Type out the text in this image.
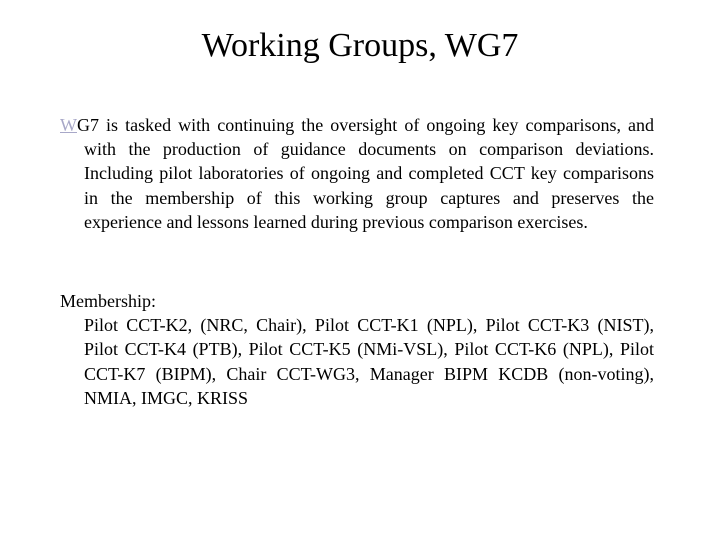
Working Groups, WG7
WG7 is tasked with continuing the oversight of ongoing key comparisons, and with the production of guidance documents on comparison deviations. Including pilot laboratories of ongoing and completed CCT key comparisons in the membership of this working group captures and preserves the experience and lessons learned during previous comparison exercises.
Membership:
Pilot CCT-K2, (NRC, Chair), Pilot CCT-K1 (NPL), Pilot CCT-K3 (NIST), Pilot CCT-K4 (PTB), Pilot CCT-K5 (NMi-VSL), Pilot CCT-K6 (NPL), Pilot CCT-K7 (BIPM), Chair CCT-WG3, Manager BIPM KCDB (non-voting), NMIA, IMGC, KRISS
